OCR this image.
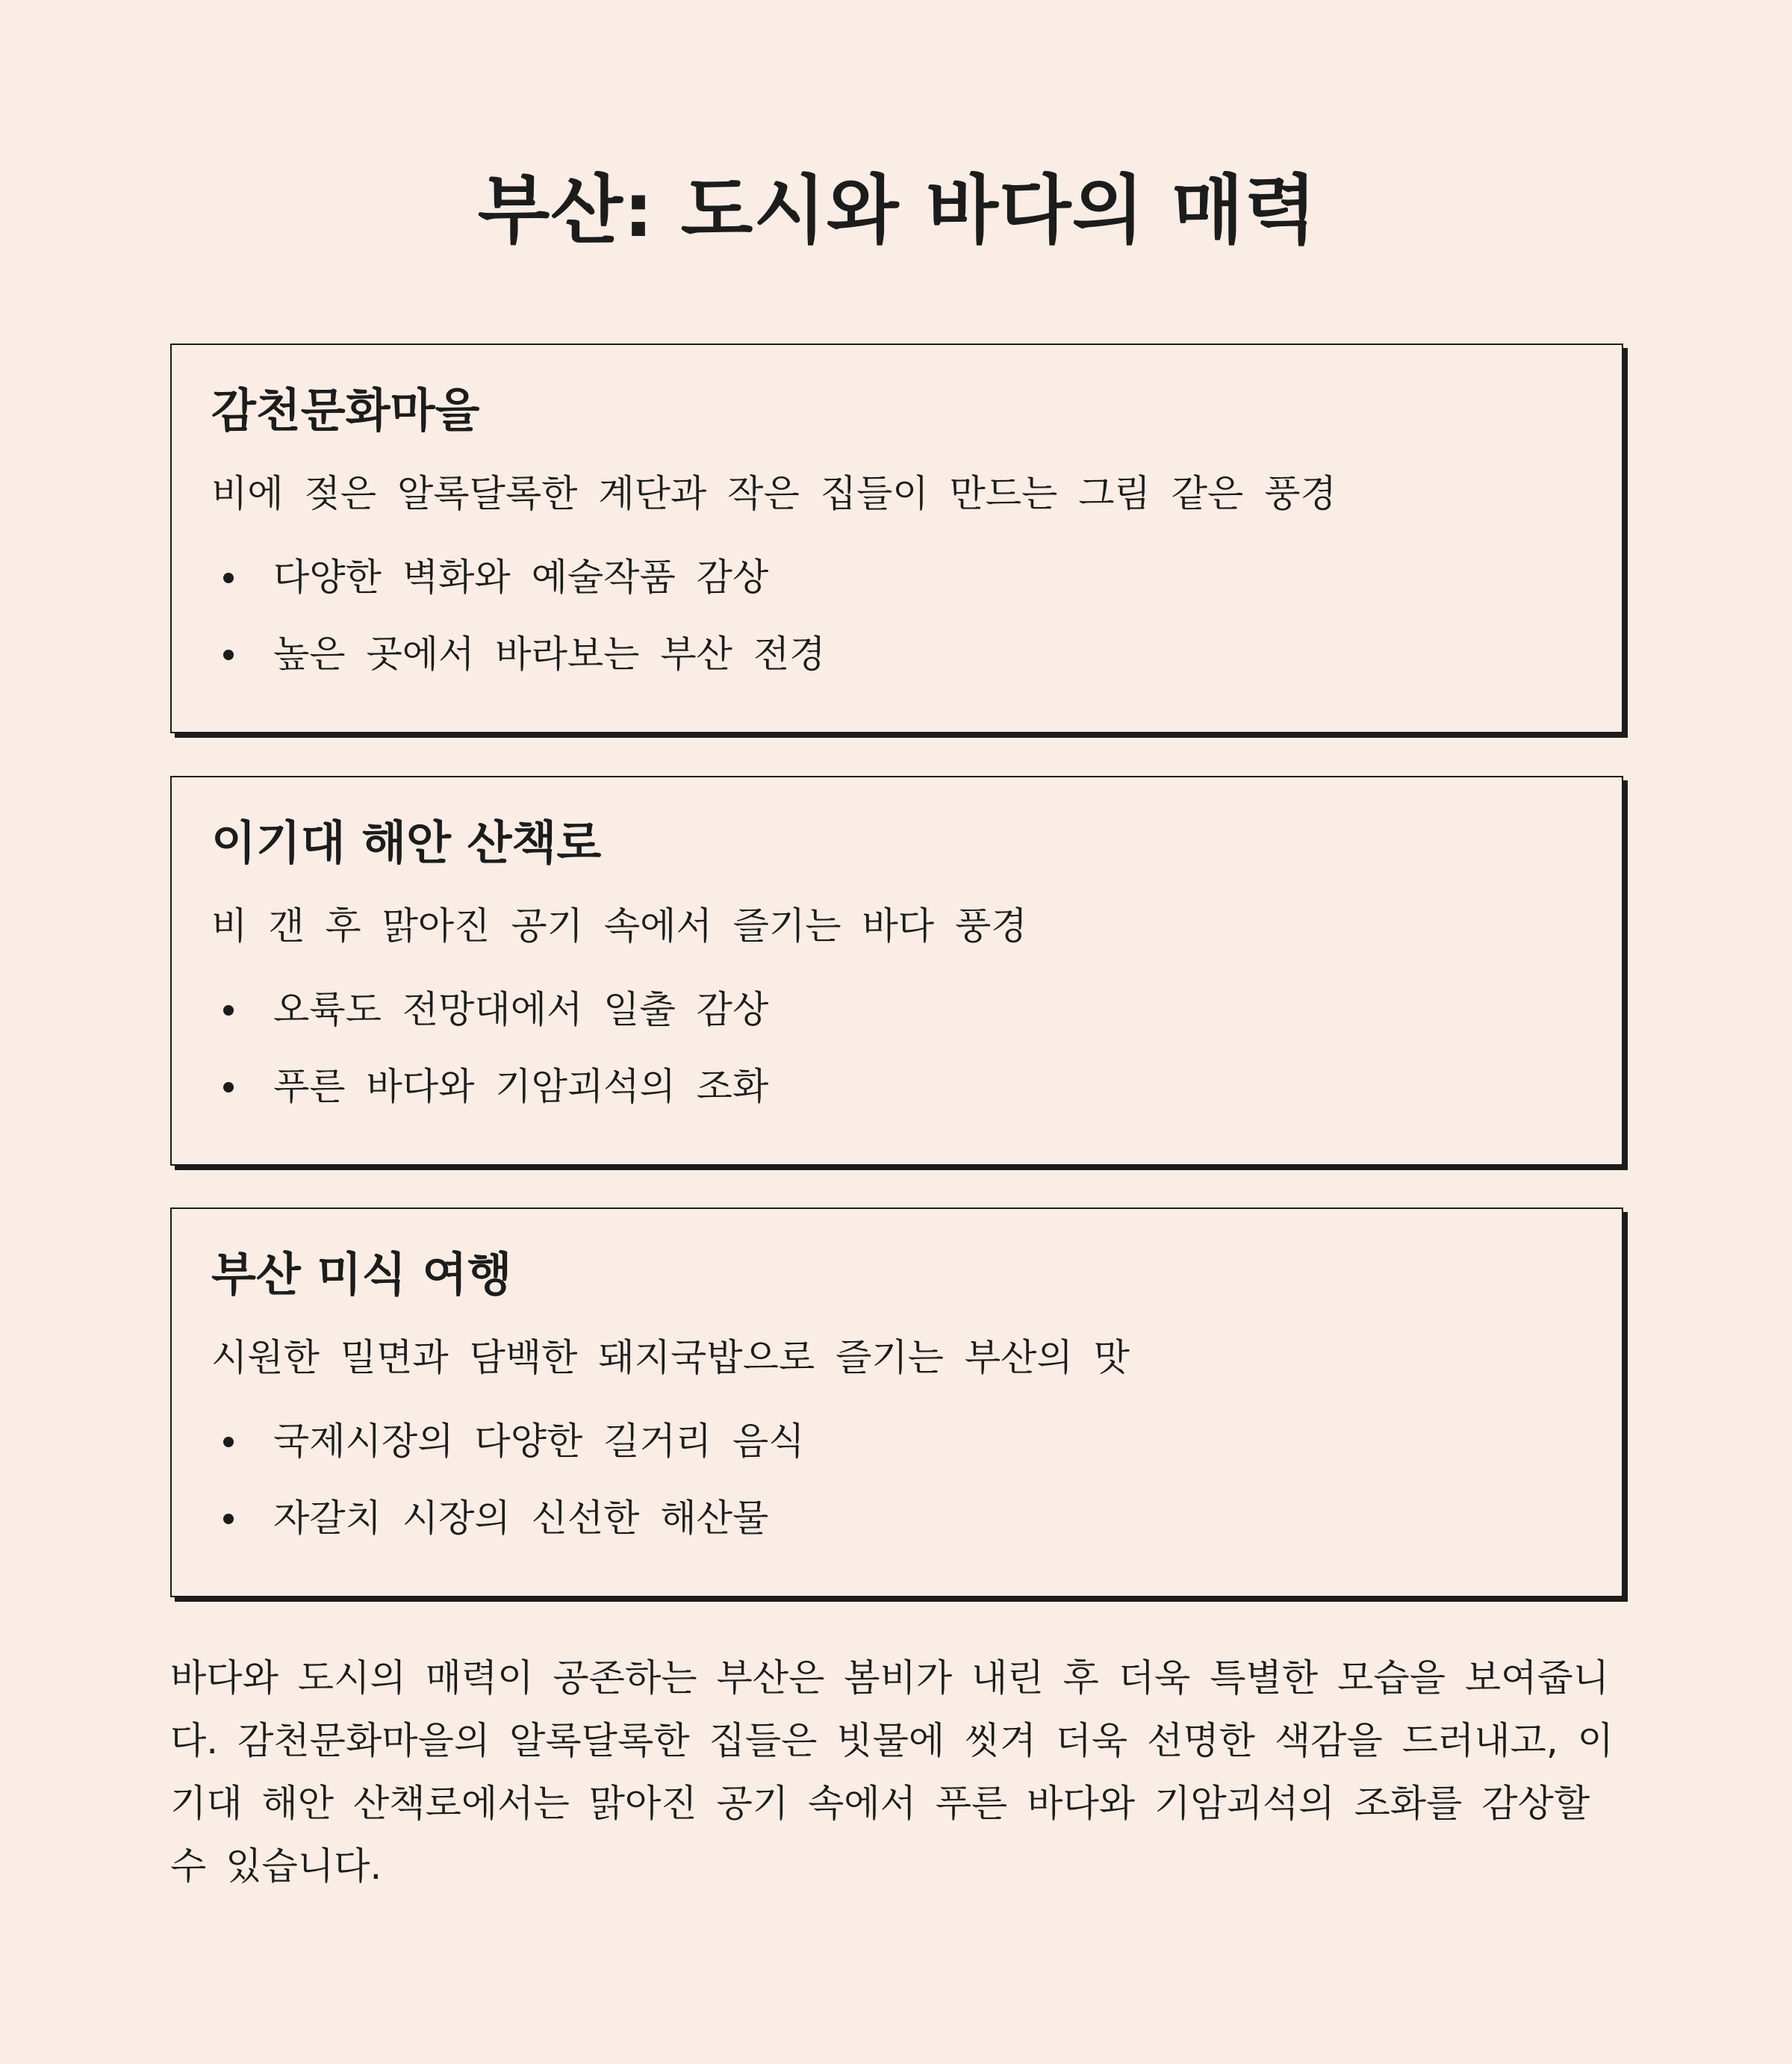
부산: 도시와 바다의 매력
감천문화마을

비에 젖은 알록달록한 계단과 작은 집들이 만드는 그림 같은 풍경

다양한 벽화와 예술작품 감상
높은 곳에서 바라보는 부산 전경
이기대 해안 산책로

비 갠 후 맑아진 공기 속에서 즐기는 바다 풍경

오륙도 전망대에서 일출 감상
푸른 바다와 기암괴석의 조화
부산 미식 여행

시원한 밀면과 담백한 돼지국밥으로 즐기는 부산의 맛

국제시장의 다양한 길거리 음식
자갈치 시장의 신선한 해산물

바다와 도시의 매력이 공존하는 부산은 봄비가 내린 후 더욱 특별한 모습을 보여줍니다. 감천문화마을의 알록달록한 집들은 빗물에 씻겨 더욱 선명한 색감을 드러내고, 이기대 해안 산책로에서는 맑아진 공기 속에서 푸른 바다와 기암괴석의 조화를 감상할 수 있습니다.
